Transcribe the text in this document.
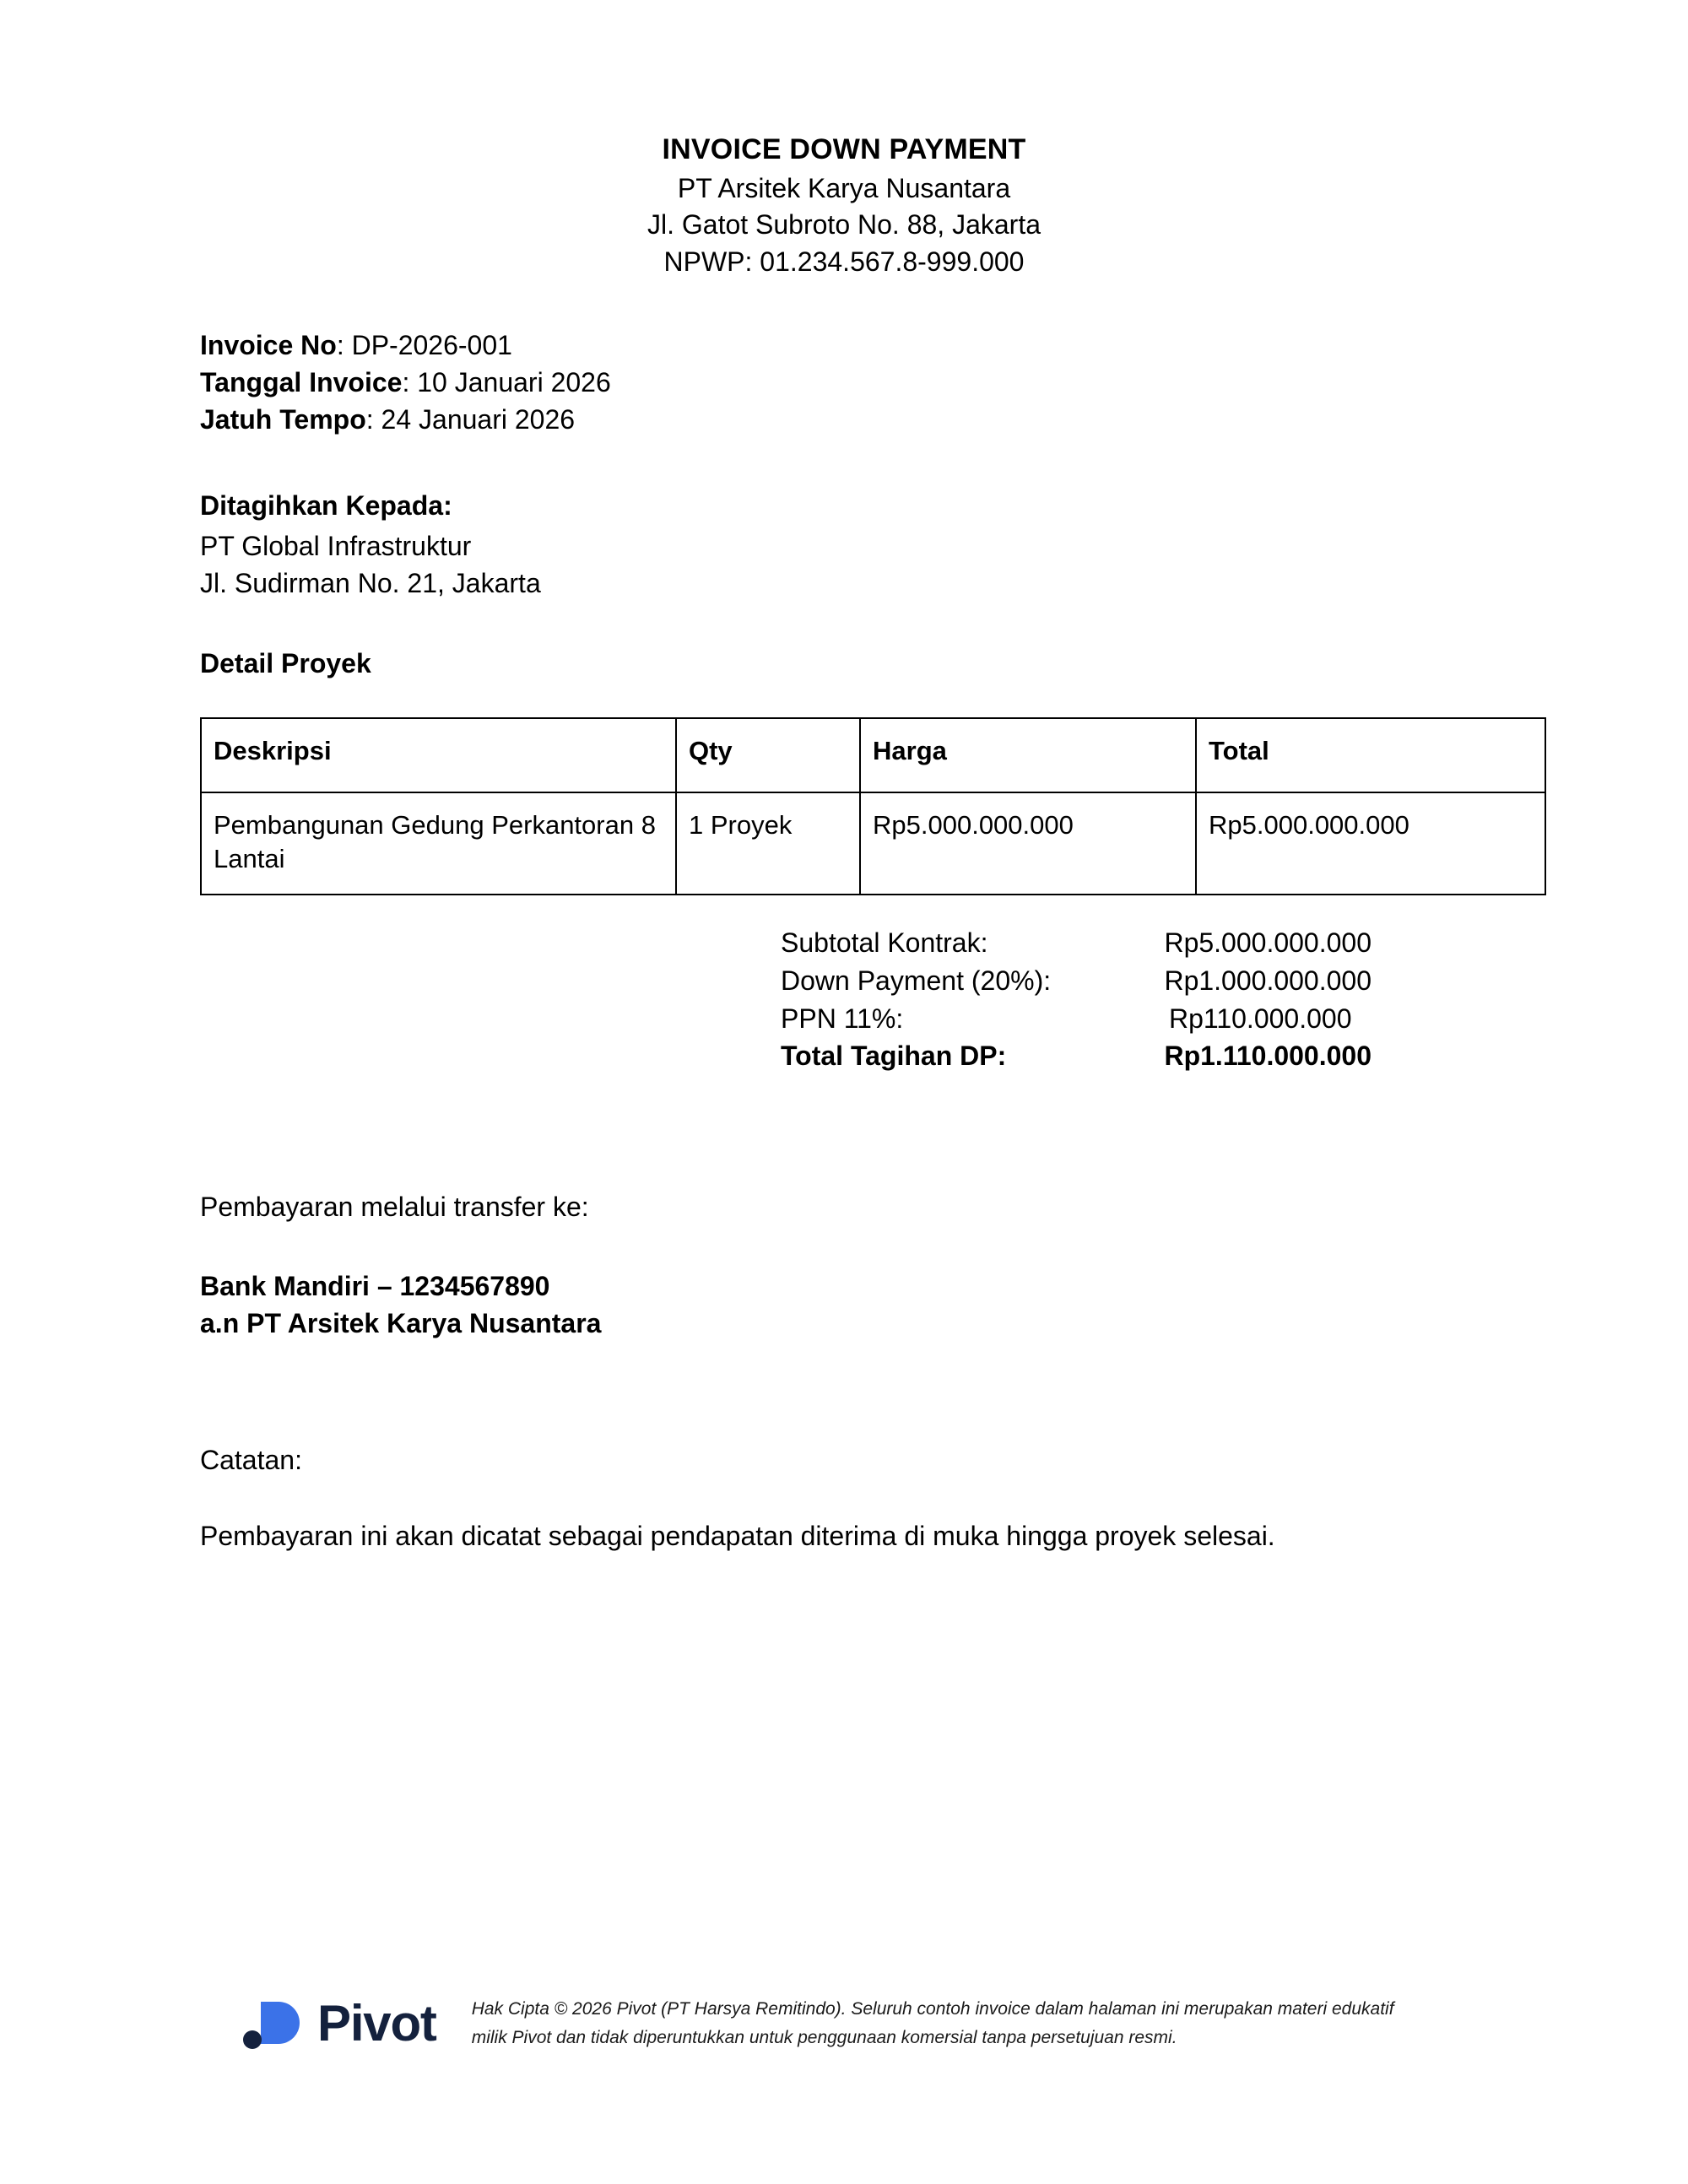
INVOICE DOWN PAYMENT
PT Arsitek Karya Nusantara
Jl. Gatot Subroto No. 88, Jakarta
NPWP: 01.234.567.8-999.000

Invoice No: DP-2026-001

Tanggal Invoice: 10 Januari 2026

Jatuh Tempo: 24 Januari 2026

Ditagihkan Kepada:

PT Global Infrastruktur

Jl. Sudirman No. 21, Jakarta

Detail Proyek

Deskripsi	Qty	Harga	Total
Pembangunan Gedung Perkantoran 8 Lantai	1 Proyek	Rp5.000.000.000	Rp5.000.000.000
Subtotal Kontrak:	Rp5.000.000.000
Down Payment (20%):	Rp1.000.000.000
PPN 11%:	Rp110.000.000
Total Tagihan DP:	Rp1.110.000.000

Pembayaran melalui transfer ke:

Bank Mandiri – 1234567890

a.n PT Arsitek Karya Nusantara

Catatan:

Pembayaran ini akan dicatat sebagai pendapatan diterima di muka hingga proyek selesai.

Pivot Hak Cipta © 2026 Pivot (PT Harsya Remitindo). Seluruh contoh invoice dalam halaman ini merupakan materi edukatif

milik Pivot dan tidak diperuntukkan untuk penggunaan komersial tanpa persetujuan resmi.
